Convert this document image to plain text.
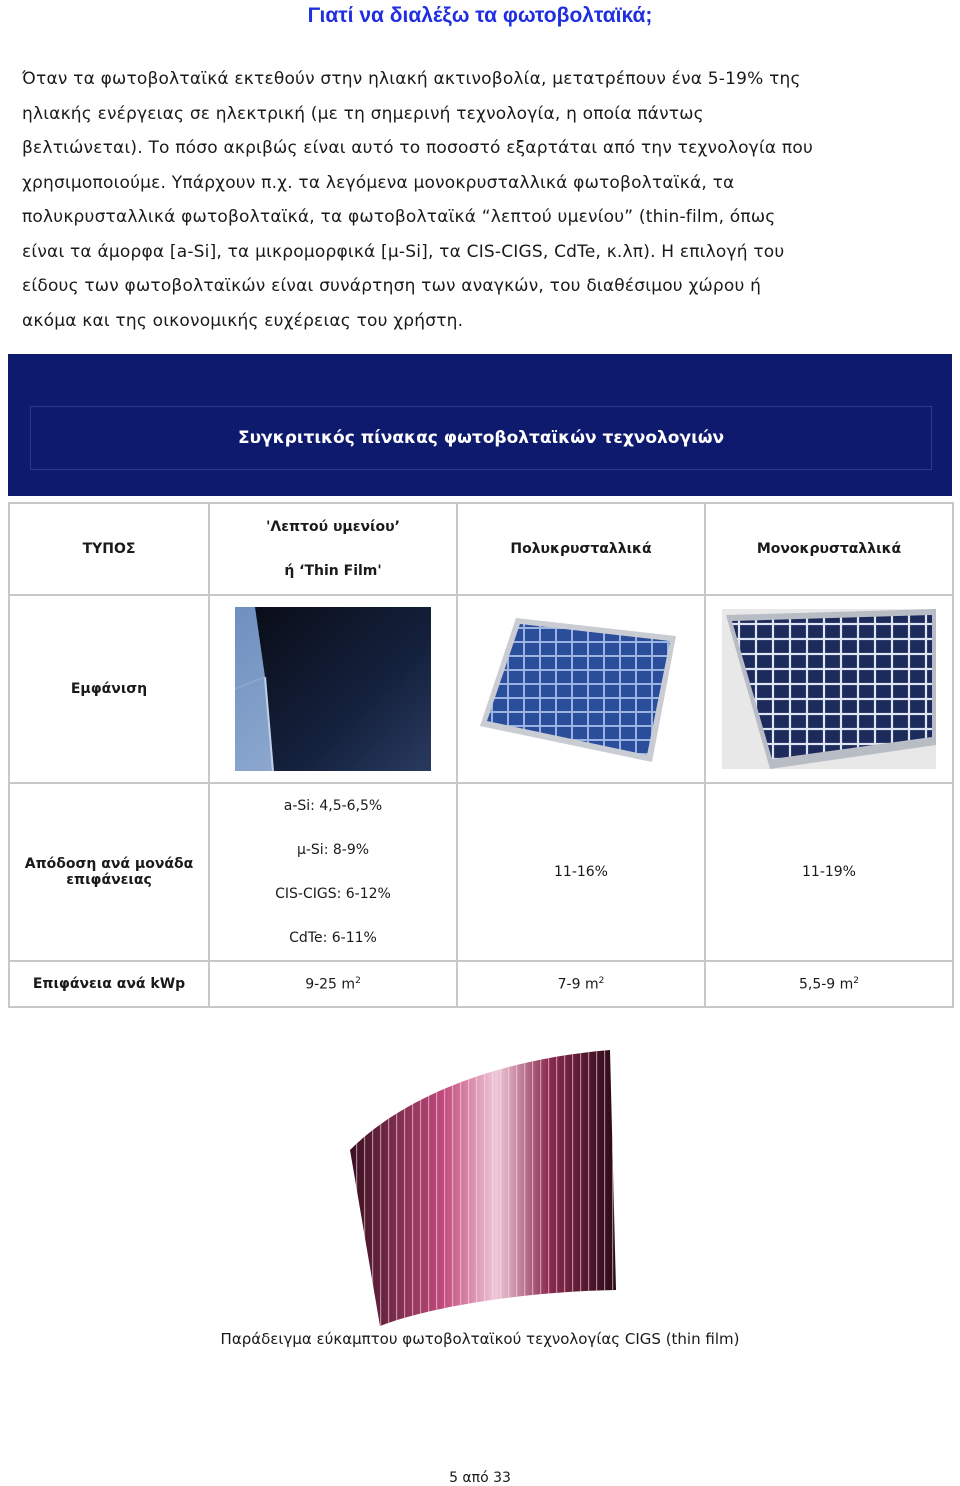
Γιατί να διαλέξω τα φωτοβολταϊκά;
Όταν τα φωτοβολταϊκά εκτεθούν στην ηλιακή ακτινοβολία, μετατρέπουν ένα 5-19% της
ηλιακής ενέργειας σε ηλεκτρική (με τη σημερινή τεχνολογία, η οποία πάντως
βελτιώνεται). Το πόσο ακριβώς είναι αυτό το ποσοστό εξαρτάται από την τεχνολογία που
χρησιμοποιούμε. Υπάρχουν π.χ. τα λεγόμενα μονοκρυσταλλικά φωτοβολταϊκά, τα
πολυκρυσταλλικά φωτοβολταϊκά, τα φωτοβολταϊκά “λεπτού υμενίου” (thin-film, όπως
είναι τα άμορφα [a-Si], τα μικρομορφικά [μ-Si], τα CIS-CIGS, CdTe, κ.λπ). Η επιλογή του
είδους των φωτοβολταϊκών είναι συνάρτηση των αναγκών, του διαθέσιμου χώρου ή
ακόμα και της οικονομικής ευχέρειας του χρήστη.
Συγκριτικός πίνακας φωτοβολταϊκών τεχνολογιών
ΤΥΠΟΣ	'Λεπτού υμενίου’
ή ‘Thin Film'	Πολυκρυσταλλικά	Μονοκρυσταλλικά
Εμφάνιση	

Απόδοση ανά μονάδα επιφάνειας	a-Si: 4,5-6,5%
μ-Si: 8-9%
CIS-CIGS: 6-12%
CdTe: 6-11%	11-16%	11-19%
Επιφάνεια ανά kWp	9-25 $m^2$	7-9 $m^2$	5,5-9 $m^2$
Παράδειγμα εύκαμπτου φωτοβολταϊκού τεχνολογίας CIGS (thin film)
5 από 33
